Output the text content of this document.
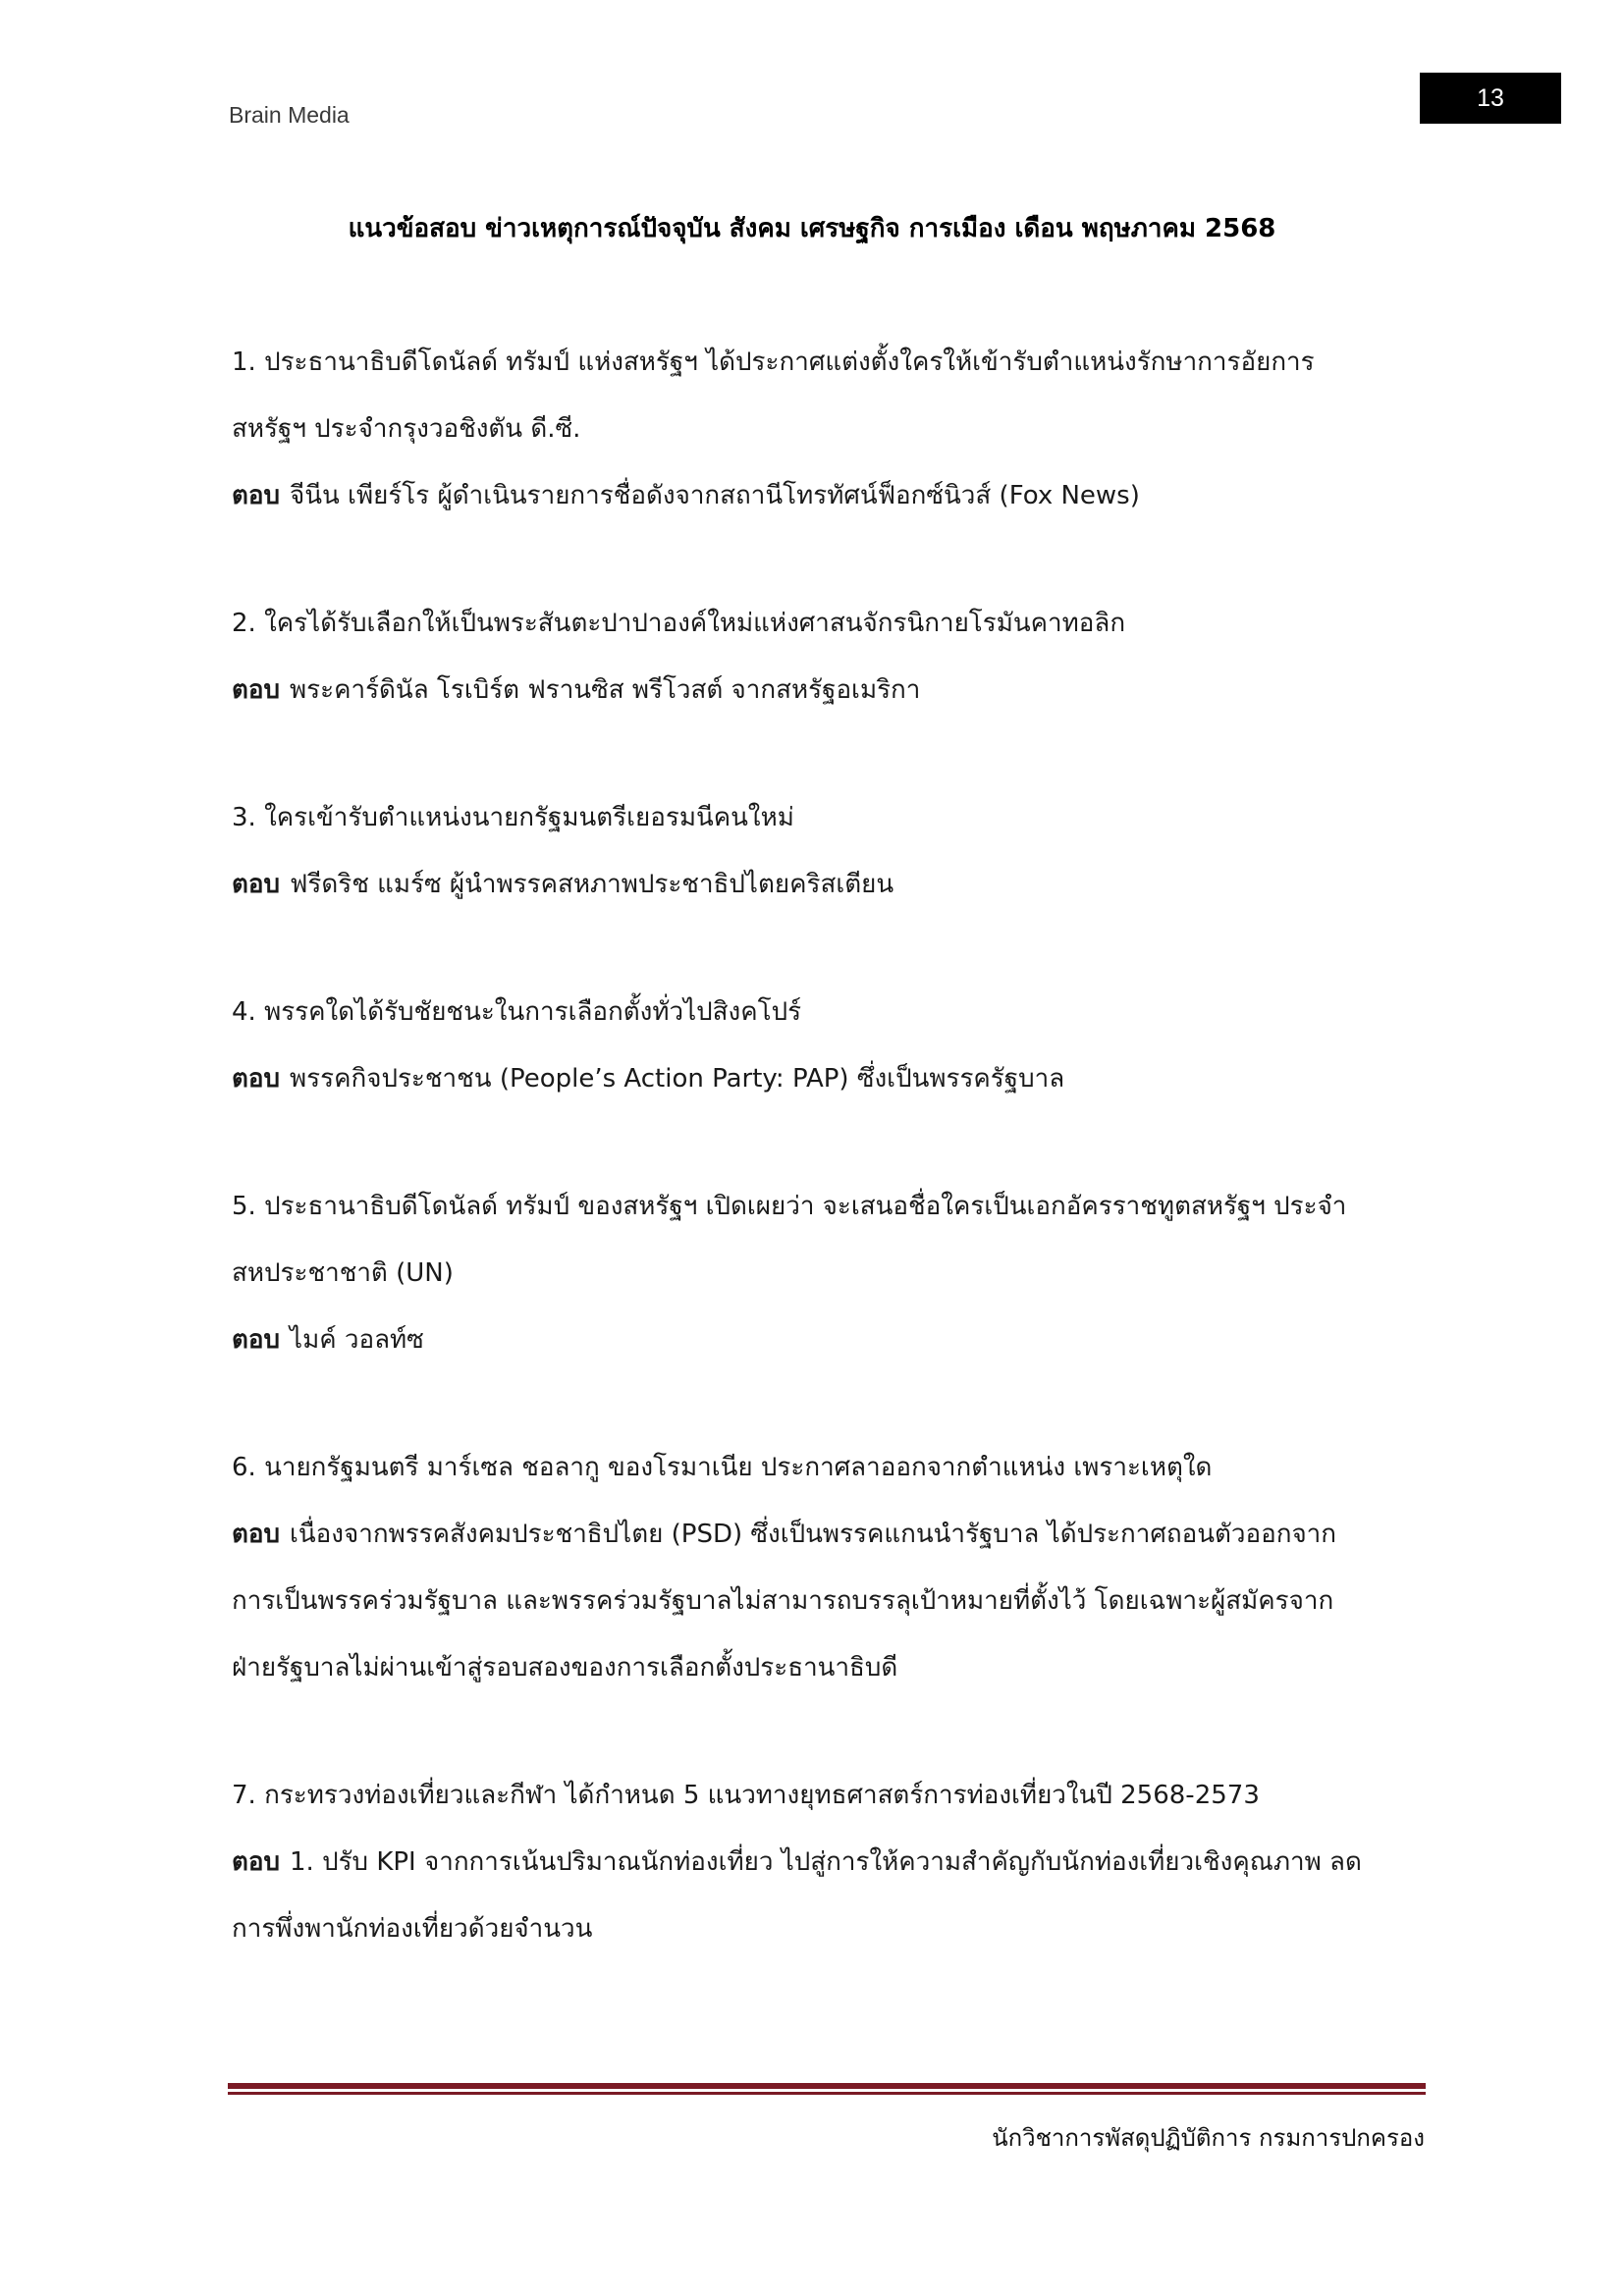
Brain Media
13
แนวข้อสอบ ข่าวเหตุการณ์ปัจจุบัน สังคม เศรษฐกิจ การเมือง เดือน พฤษภาคม 2568

1. ประธานาธิบดีโดนัลด์ ทรัมป์ แห่งสหรัฐฯ ได้ประกาศแต่งตั้งใครให้เข้ารับตำแหน่งรักษาการอัยการ

สหรัฐฯ ประจำกรุงวอชิงตัน ดี.ซี.

ตอบ จีนีน เพียร์โร ผู้ดำเนินรายการชื่อดังจากสถานีโทรทัศน์ฟ็อกซ์นิวส์ (Fox News)

2. ใครได้รับเลือกให้เป็นพระสันตะปาปาองค์ใหม่แห่งศาสนจักรนิกายโรมันคาทอลิก

ตอบ พระคาร์ดินัล โรเบิร์ต ฟรานซิส พรีโวสต์ จากสหรัฐอเมริกา

3. ใครเข้ารับตำแหน่งนายกรัฐมนตรีเยอรมนีคนใหม่

ตอบ ฟรีดริช แมร์ซ ผู้นำพรรคสหภาพประชาธิปไตยคริสเตียน

4. พรรคใดได้รับชัยชนะในการเลือกตั้งทั่วไปสิงคโปร์

ตอบ พรรคกิจประชาชน (People’s Action Party: PAP) ซึ่งเป็นพรรครัฐบาล

5. ประธานาธิบดีโดนัลด์ ทรัมป์ ของสหรัฐฯ เปิดเผยว่า จะเสนอชื่อใครเป็นเอกอัครราชทูตสหรัฐฯ ประจำ

สหประชาชาติ (UN)

ตอบ ไมค์ วอลท์ซ

6. นายกรัฐมนตรี มาร์เซล ชอลากู ของโรมาเนีย ประกาศลาออกจากตำแหน่ง เพราะเหตุใด

ตอบ เนื่องจากพรรคสังคมประชาธิปไตย (PSD) ซึ่งเป็นพรรคแกนนำรัฐบาล ได้ประกาศถอนตัวออกจาก

การเป็นพรรคร่วมรัฐบาล และพรรคร่วมรัฐบาลไม่สามารถบรรลุเป้าหมายที่ตั้งไว้ โดยเฉพาะผู้สมัครจาก

ฝ่ายรัฐบาลไม่ผ่านเข้าสู่รอบสองของการเลือกตั้งประธานาธิบดี

7. กระทรวงท่องเที่ยวและกีฬา ได้กำหนด 5 แนวทางยุทธศาสตร์การท่องเที่ยวในปี 2568-2573

ตอบ 1. ปรับ KPI จากการเน้นปริมาณนักท่องเที่ยว ไปสู่การให้ความสำคัญกับนักท่องเที่ยวเชิงคุณภาพ ลด

การพึ่งพานักท่องเที่ยวด้วยจำนวน

นักวิชาการพัสดุปฏิบัติการ กรมการปกครอง
